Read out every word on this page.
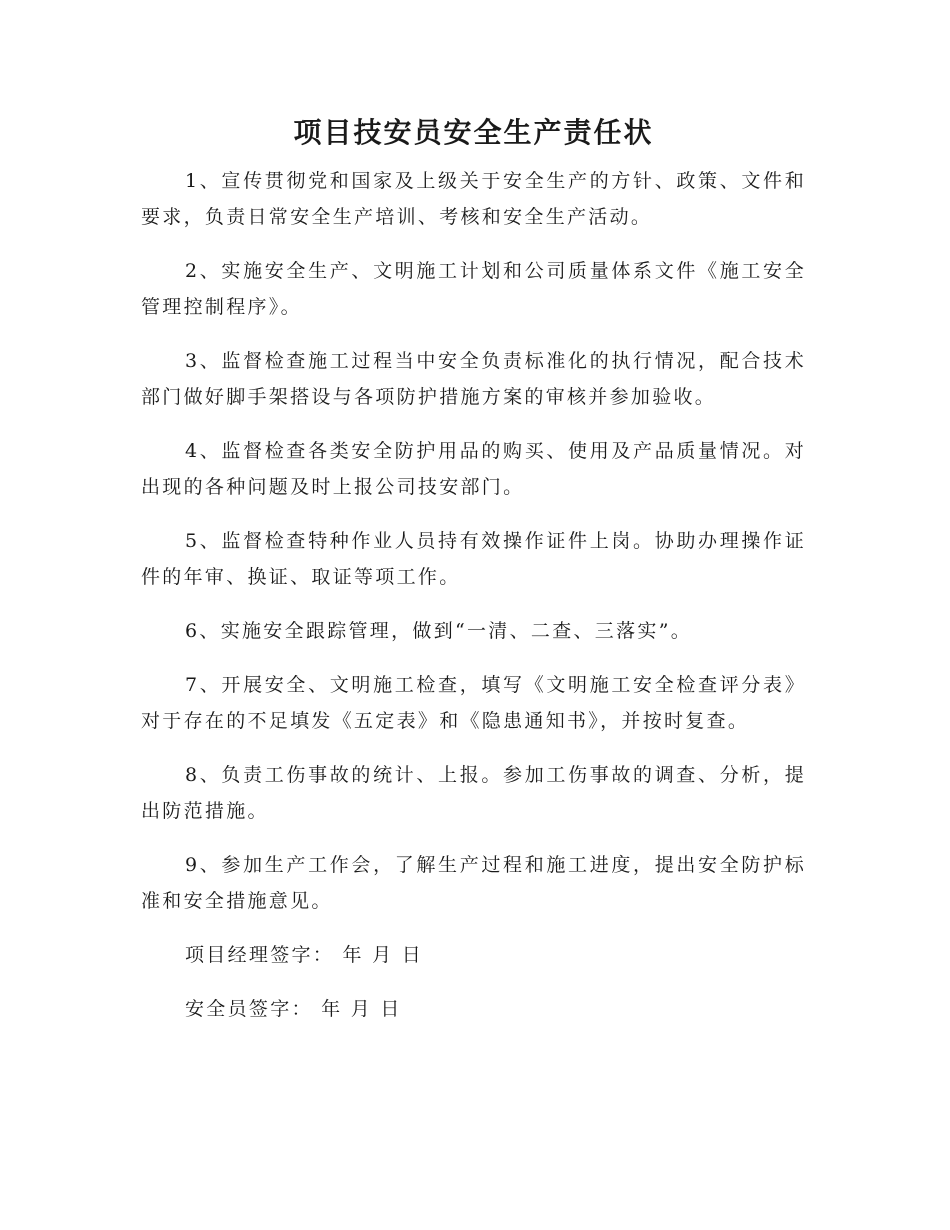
项目技安员安全生产责任状
1、宣传贯彻党和国家及上级关于安全生产的方针、政策、文件和要求，负责日常安全生产培训、考核和安全生产活动。
2、实施安全生产、文明施工计划和公司质量体系文件《施工安全管理控制程序》。
3、监督检查施工过程当中安全负责标准化的执行情况，配合技术部门做好脚手架搭设与各项防护措施方案的审核并参加验收。
4、监督检查各类安全防护用品的购买、使用及产品质量情况。对出现的各种问题及时上报公司技安部门。
5、监督检查特种作业人员持有效操作证件上岗。协助办理操作证件的年审、换证、取证等项工作。
6、实施安全跟踪管理，做到“一清、二查、三落实”。
7、开展安全、文明施工检查，填写《文明施工安全检查评分表》对于存在的不足填发《五定表》和《隐患通知书》，并按时复查。
8、负责工伤事故的统计、上报。参加工伤事故的调查、分析，提出防范措施。
9、参加生产工作会，了解生产过程和施工进度，提出安全防护标准和安全措施意见。

项目经理签字： 年 月 日

安全员签字： 年 月 日
